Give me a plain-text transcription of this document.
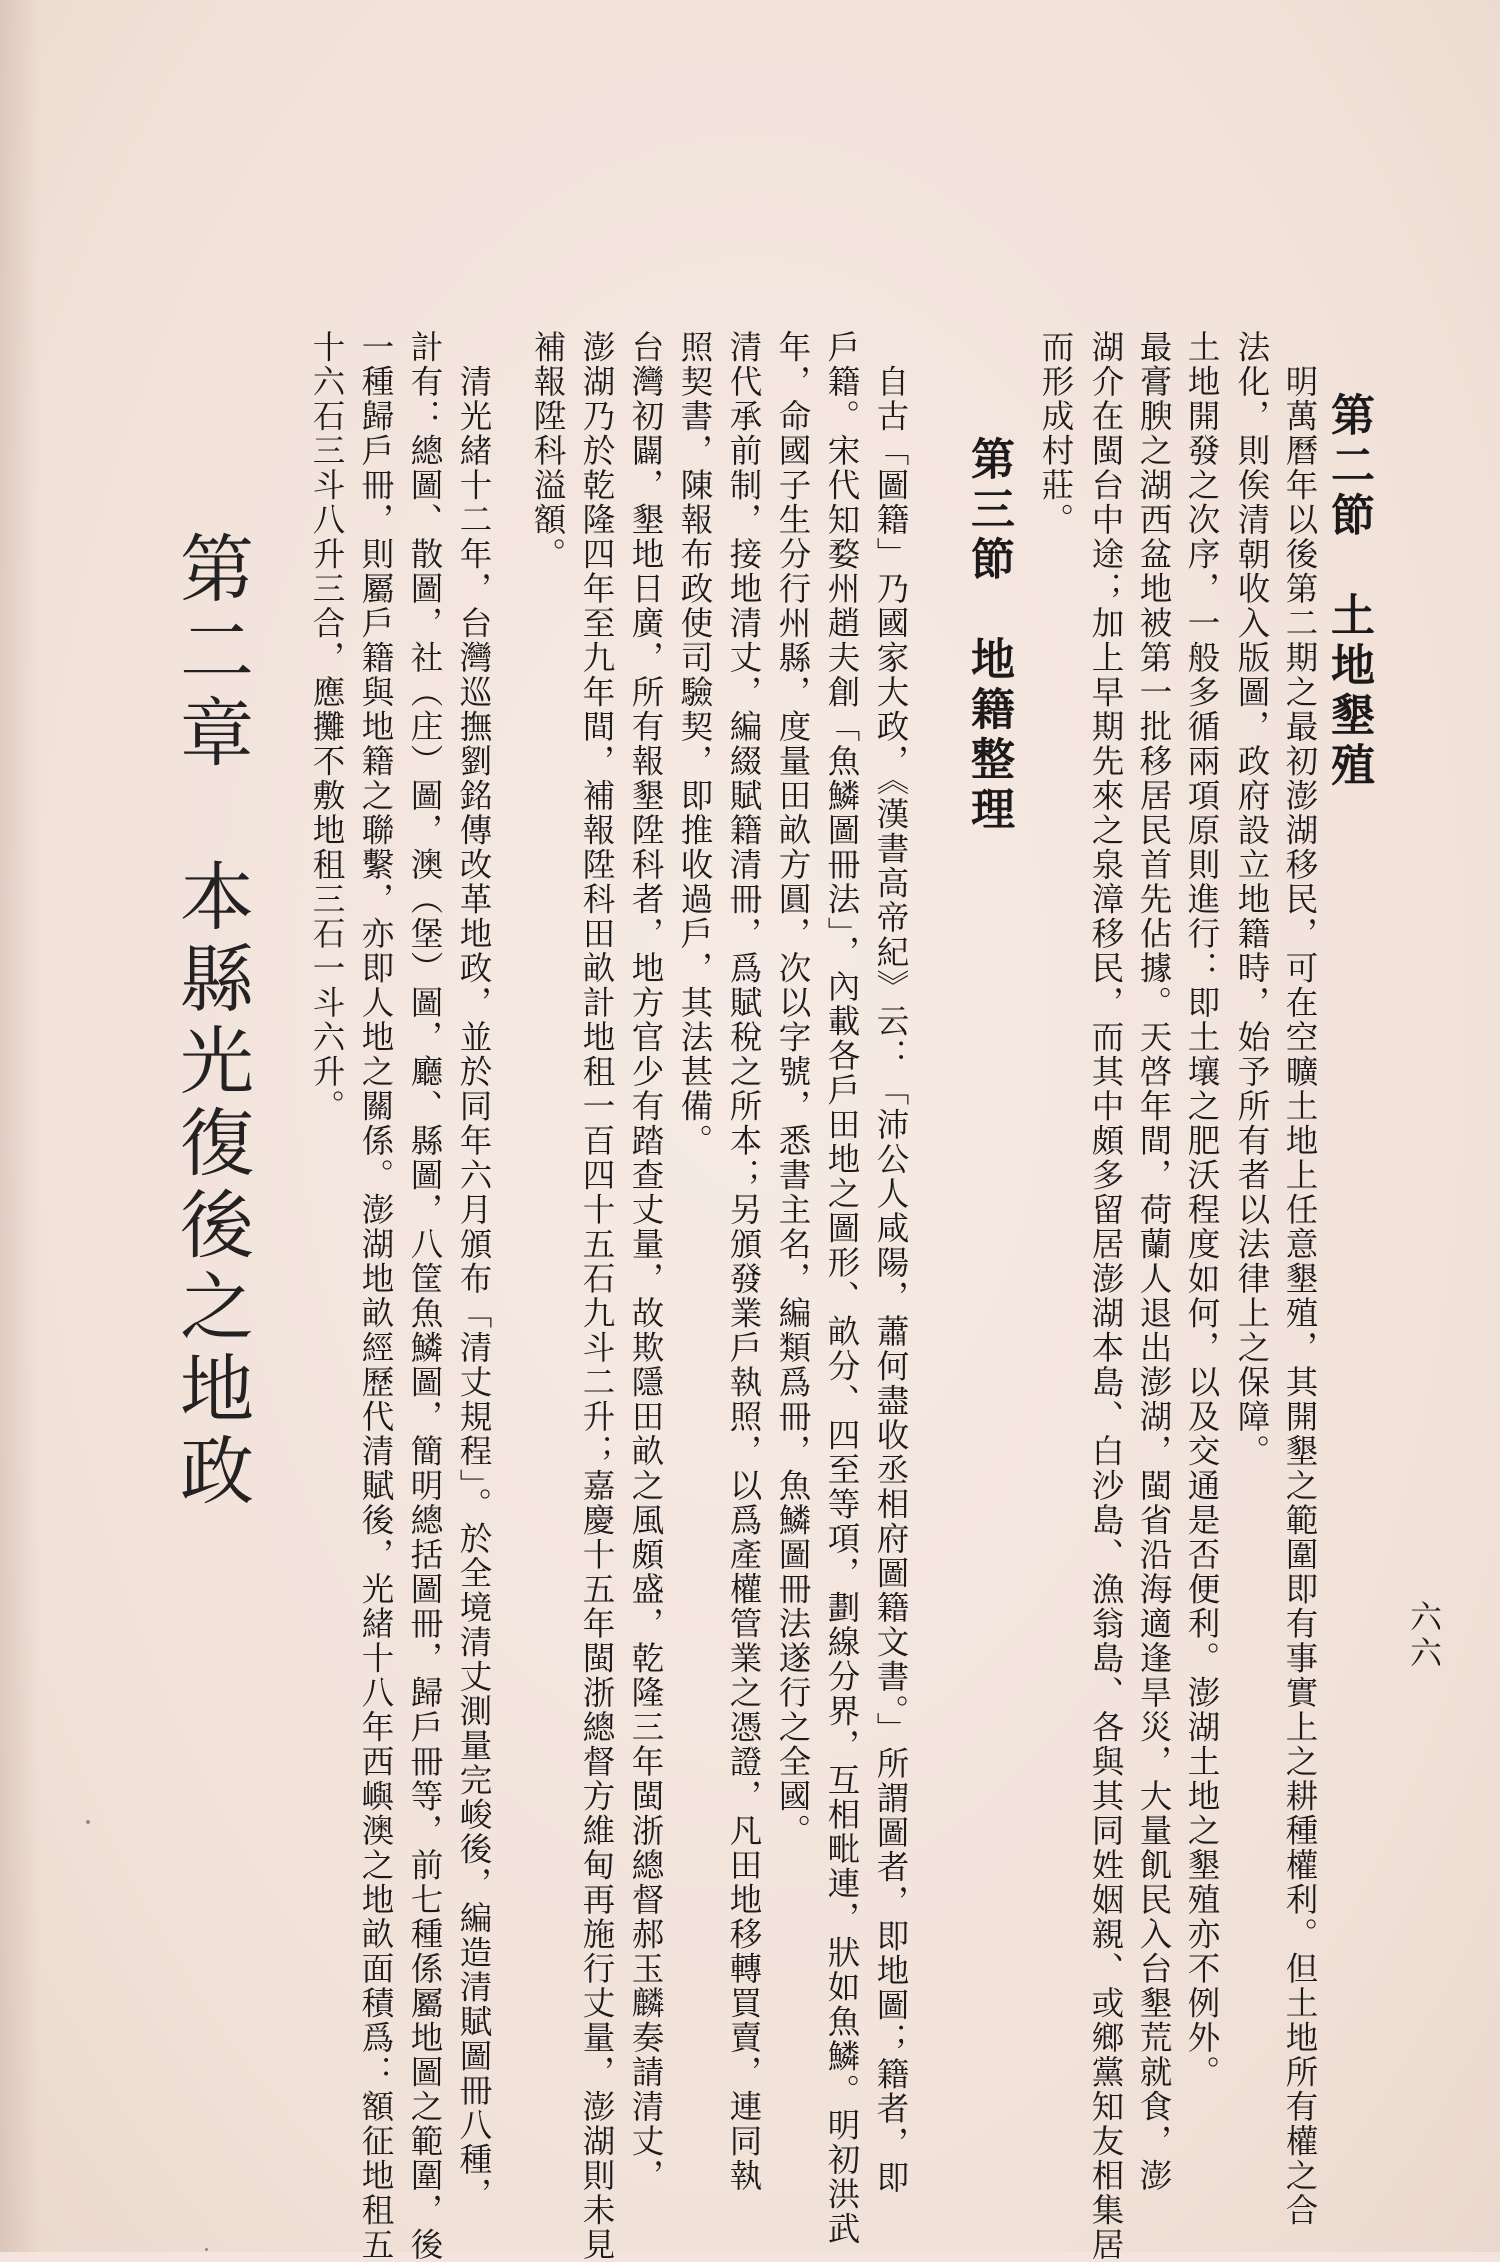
六六
第二節　土地墾殖
　明萬曆年以後第二期之最初澎湖移民，可在空曠土地上任意墾殖，其開墾之範圍即有事實上之耕種權利。但土地所有權之合
法化，則俟清朝收入版圖，政府設立地籍時，始予所有者以法律上之保障。
土地開發之次序，一般多循兩項原則進行：即土壤之肥沃程度如何，以及交通是否便利。澎湖土地之墾殖亦不例外。
最膏腴之湖西盆地被第一批移居民首先佔據。天啓年間，荷蘭人退出澎湖，閩省沿海適逢旱災，大量飢民入台墾荒就食，澎
湖介在閩台中途；加上早期先來之泉漳移民，而其中頗多留居澎湖本島、白沙島、漁翁島、各與其同姓姻親、或鄉黨知友相集居
而形成村莊。
第三節　地籍整理
　自古「圖籍」乃國家大政，《漢書高帝紀》云：「沛公人咸陽，蕭何盡收丞相府圖籍文書。」所謂圖者，即地圖；籍者，即
戶籍。宋代知婺州趙夫創「魚鱗圖冊法」，內載各戶田地之圖形、畝分、四至等項，劃線分界，互相毗連，狀如魚鱗。明初洪武
年，命國子生分行州縣，度量田畝方圓，次以字號，悉書主名，編類爲冊，魚鱗圖冊法遂行之全國。
清代承前制，接地清丈，編綴賦籍清冊，爲賦稅之所本；另頒發業戶執照，以爲產權管業之憑證，凡田地移轉買賣，連同執
照契書，陳報布政使司驗契，即推收過戶，其法甚備。
台灣初闢，墾地日廣，所有報墾陞科者，地方官少有踏查丈量，故欺隱田畝之風頗盛，乾隆三年閩浙總督郝玉麟奏請清丈，
澎湖乃於乾隆四年至九年間，補報陞科田畝計地租一百四十五石九斗二升；嘉慶十五年閩浙總督方維甸再施行丈量，澎湖則未見
補報陞科溢額。
　清光緒十二年，台灣巡撫劉銘傳改革地政，並於同年六月頒布「清丈規程」。於全境清丈測量完峻後，編造清賦圖冊八種，
計有：總圖、散圖，社（庄）圖，澳（堡）圖，廳、縣圖，八筐魚鱗圖，簡明總括圖冊，歸戶冊等，前七種係屬地圖之範圍，後
一種歸戶冊，則屬戶籍與地籍之聯繫，亦即人地之關係。澎湖地畝經歷代清賦後，光緒十八年西嶼澳之地畝面積爲：額征地租五
十六石三斗八升三合，應攤不敷地租三石一斗六升。
第二章　本縣光復後之地政
